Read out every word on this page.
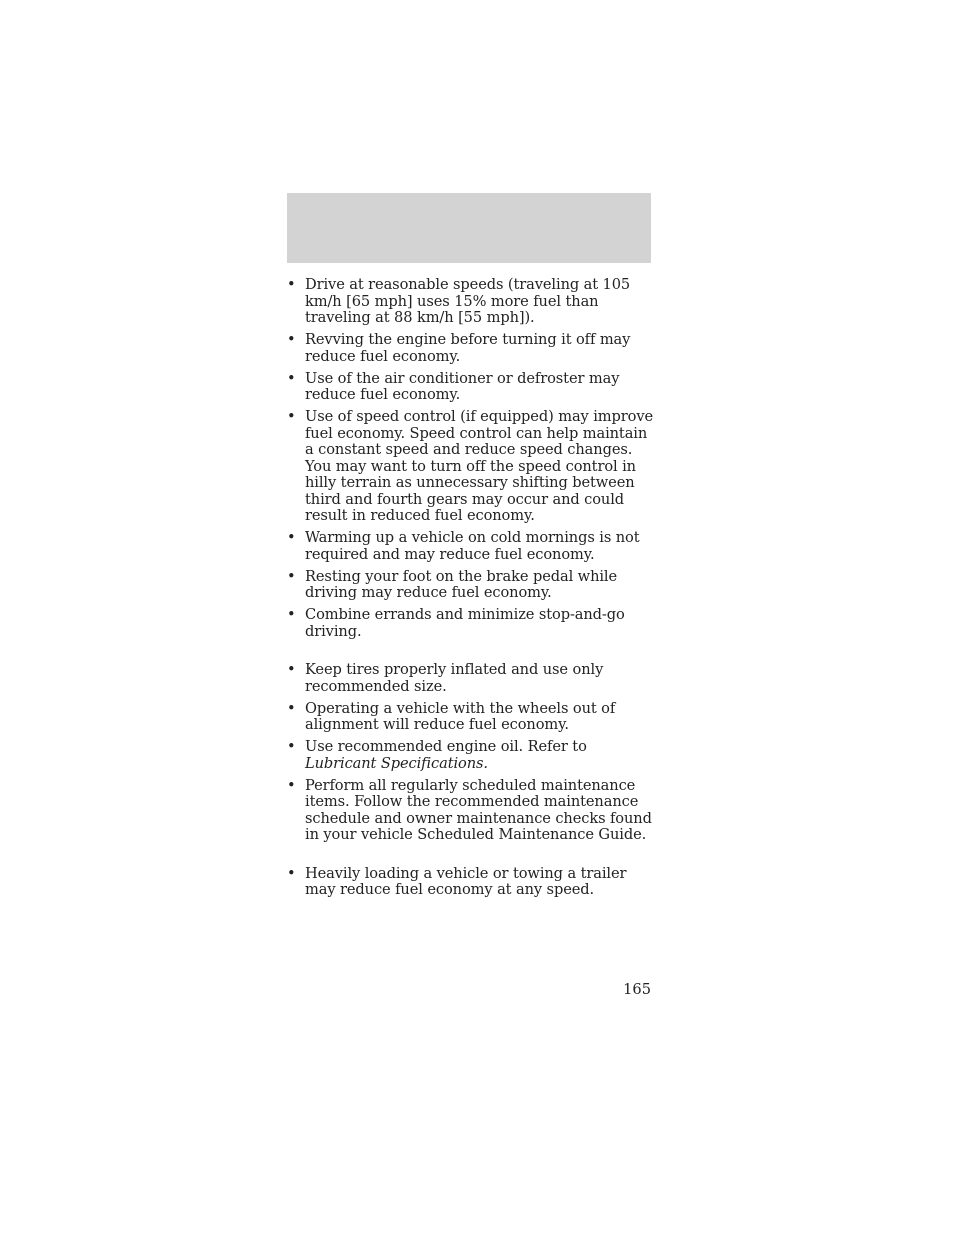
• Drive at reasonable speeds (traveling at 105 km/h [65 mph] uses 15% more fuel than traveling at 88 km/h [55 mph]).
• Revving the engine before turning it off may reduce fuel economy.
• Use of the air conditioner or defroster may reduce fuel economy.
• Use of speed control (if equipped) may improve fuel economy. Speed control can help maintain a constant speed and reduce speed changes. You may want to turn off the speed control in hilly terrain as unnecessary shifting between third and fourth gears may occur and could result in reduced fuel economy.
• Warming up a vehicle on cold mornings is not required and may reduce fuel economy.
• Resting your foot on the brake pedal while driving may reduce fuel economy.
• Combine errands and minimize stop-and-go driving.
• Keep tires properly inflated and use only recommended size.
• Operating a vehicle with the wheels out of alignment will reduce fuel economy.
• Use recommended engine oil. Refer to Lubricant Specifications.
• Perform all regularly scheduled maintenance items. Follow the recommended maintenance schedule and owner maintenance checks found in your vehicle Scheduled Maintenance Guide.
• Heavily loading a vehicle or towing a trailer may reduce fuel economy at any speed.
165
